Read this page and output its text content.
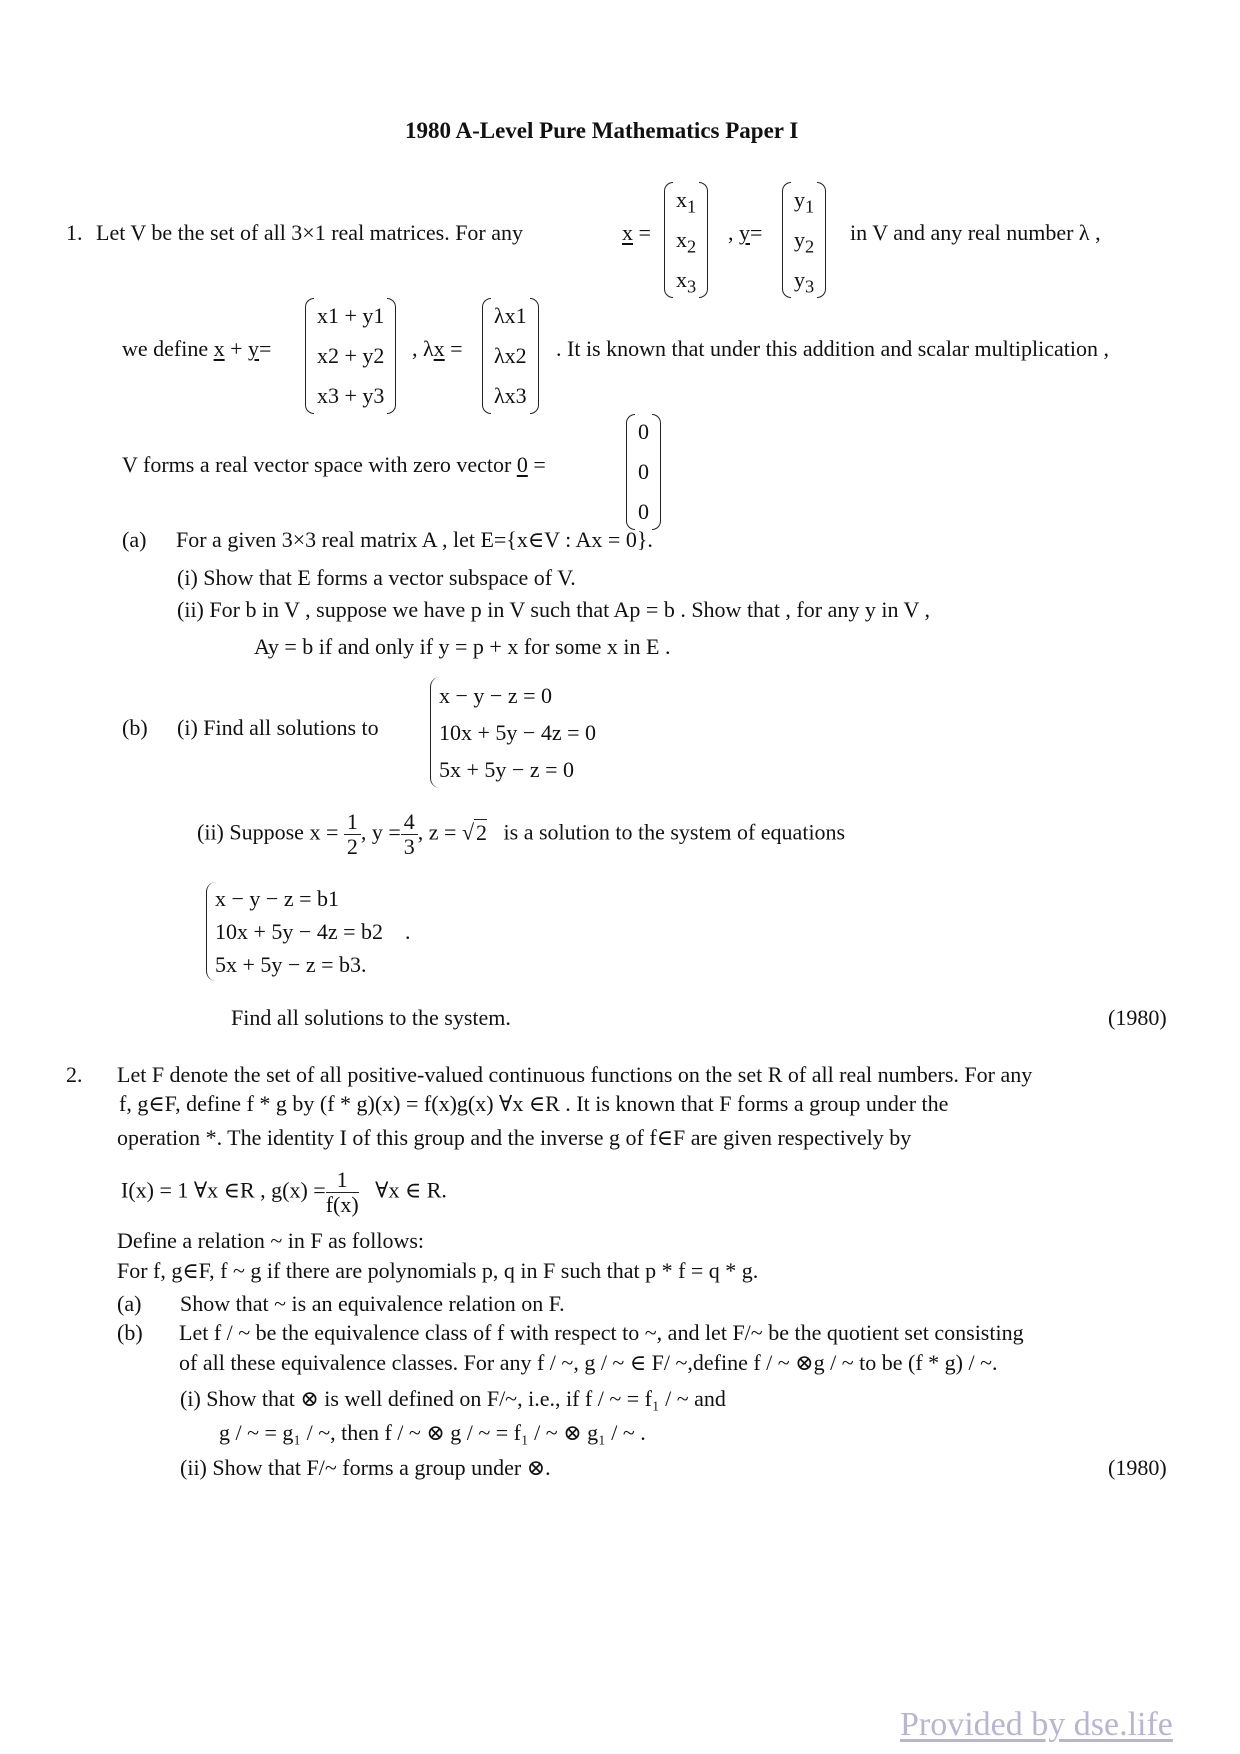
1980 A-Level Pure Mathematics Paper I
1. Let V be the set of all 3×1 real matrices. For any	x =
$x_1$
$x_2$
$x_3$
, y=
$y_1$
$y_2$
$y_3$
in V and any real number λ ,
we define x + y=
x1 + y1
x2 + y2
x3 + y3
, λx =
λx1
λx2
λx3
. It is known that under this addition and scalar multiplication ,
V forms a real vector space with zero vector 0 =
0
0
0
(a) For a given 3×3 real matrix A , let E={x∈V : Ax = 0}.
(i) Show that E forms a vector subspace of V.
(ii) For b in V , suppose we have p in V such that Ap = b . Show that , for any y in V ,
Ay = b if and only if y = p + x for some x in E .
(b) (i) Find all solutions to
x − y − z = 0
10x + 5y − 4z = 0
5x + 5y − z = 0
(ii) Suppose $x = \frac{1}{2}$ , $y = \frac{4}{3}$ , z = √2 is a solution to the system of equations
x − y − z = b1
10x + 5y − 4z = b2    .
5x + 5y − z = b3.
Find all solutions to the system.	(1980)
2. Let F denote the set of all positive-valued continuous functions on the set R of all real numbers. For any
f, g∈F, define f * g by (f * g)(x) = f(x)g(x) ∀x ∈R . It is known that F forms a group under the
operation *. The identity I of this group and the inverse g of f∈F are given respectively by
I(x) = 1 ∀x ∈R , $g(x) = \frac{1}{f(x)}$ ∀x ∈ R.
Define a relation ~ in F as follows:
For f, g∈F, f ~ g if there are polynomials p, q in F such that p * f = q * g.
(a) Show that ~ is an equivalence relation on F.
(b) Let f / ~ be the equivalence class of f with respect to ~, and let F/~ be the quotient set consisting
of all these equivalence classes. For any f / ~, g / ~ ∈ F/ ~,define f / ~ ⊗g / ~ to be (f * g) / ~.
(i) Show that ⊗ is well defined on F/~, i.e., if f / ~ = f₁ / ~ and
g / ~ = g₁ / ~, then f / ~ ⊗ g / ~ = f₁ / ~ ⊗ g₁ / ~ .
(ii) Show that F/~ forms a group under ⊗.	(1980)
Provided by dse.life
